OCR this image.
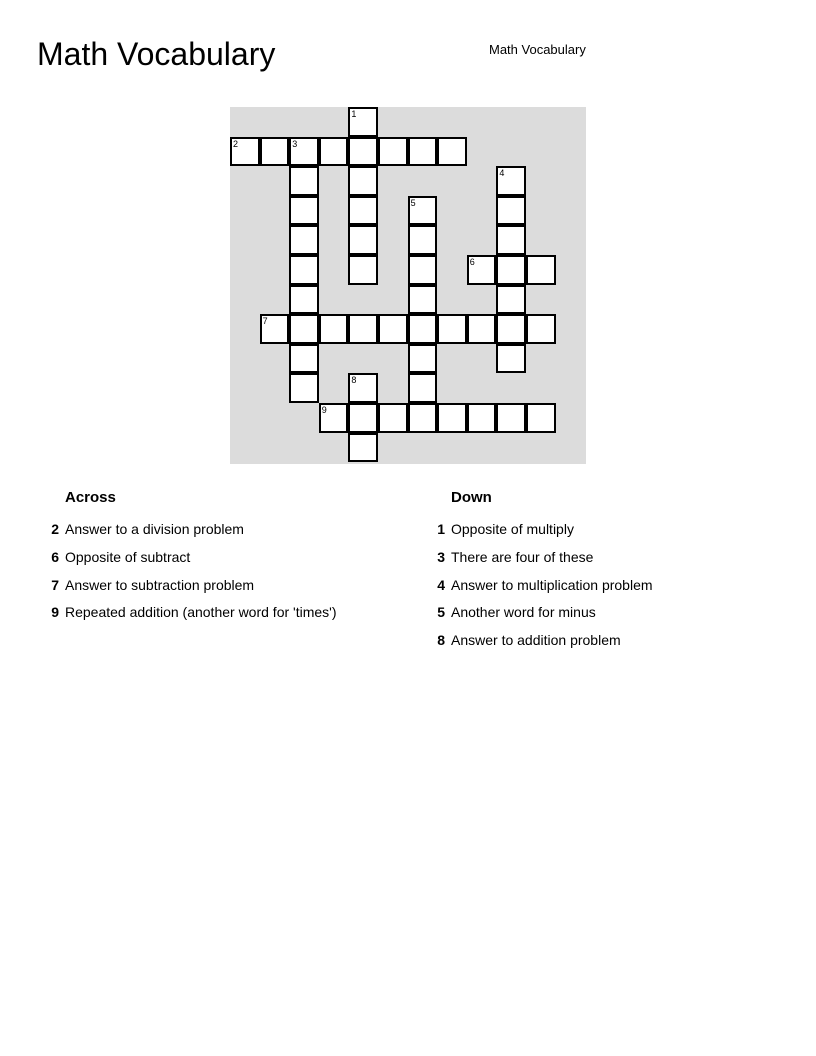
Math Vocabulary	Math Vocabulary
1
2	3
4
5
6
7
8
9
Across	Down
2 Answer to a division problem
6 Opposite of subtract
7 Answer to subtraction problem
9 Repeated addition (another word for 'times')
1 Opposite of multiply
3 There are four of these
4 Answer to multiplication problem
5 Another word for minus
8 Answer to addition problem
